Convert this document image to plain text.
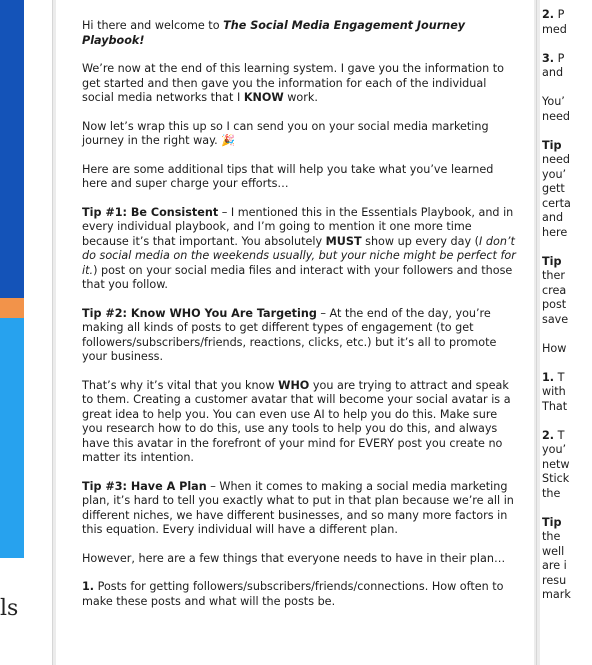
ls

Hi there and welcome to The Social Media Engagement Journey Playbook!

We’re now at the end of this learning system. I gave you the information to get started and then gave you the information for each of the individual social media networks that I KNOW work.

Now let’s wrap this up so I can send you on your social media marketing journey in the right way. 🎉

Here are some additional tips that will help you take what you’ve learned here and super charge your efforts…

Tip #1: Be Consistent – I mentioned this in the Essentials Playbook, and in every individual playbook, and I’m going to mention it one more time because it’s that important. You absolutely MUST show up every day (I don’t do social media on the weekends usually, but your niche might be perfect for it.) post on your social media files and interact with your followers and those that you follow.

Tip #2: Know WHO You Are Targeting – At the end of the day, you’re making all kinds of posts to get different types of engagement (to get followers/subscribers/friends, reactions, clicks, etc.) but it’s all to promote your business.

That’s why it’s vital that you know WHO you are trying to attract and speak to them. Creating a customer avatar that will become your social avatar is a great idea to help you. You can even use AI to help you do this. Make sure you research how to do this, use any tools to help you do this, and always have this avatar in the forefront of your mind for EVERY post you create no matter its intention.

Tip #3: Have A Plan – When it comes to making a social media marketing plan, it’s hard to tell you exactly what to put in that plan because we’re all in different niches, we have different businesses, and so many more factors in this equation. Every individual will have a different plan.

However, here are a few things that everyone needs to have in their plan…

1. Posts for getting followers/subscribers/friends/connections. How often to make these posts and what will the posts be.

2. P
med
3. P
and
You’
need
Tip
need
you’
gett
certa
and
here
Tip
ther
crea
post
save
How
1. T
with
That
2. T
you’
netw
Stick
the
Tip
the
well
are i
resu
mark
